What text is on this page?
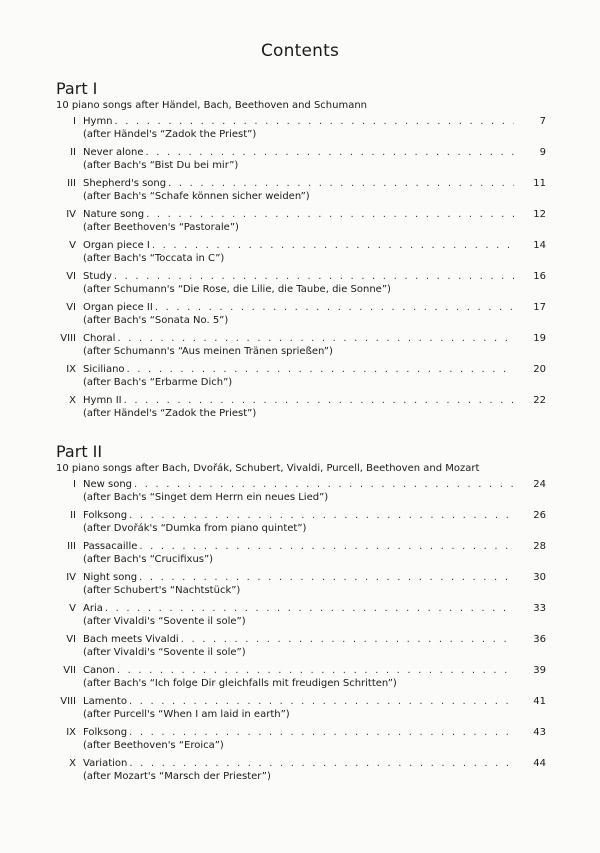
Contents
Part I
10 piano songs after Händel, Bach, Beethoven and Schumann
I Hymn . . .	7
(after Händel's “Zadok the Priest”)
II Never alone . . .	9
(after Bach's “Bist Du bei mir”)
III Shepherd's song . . .	11
(after Bach's “Schafe können sicher weiden”)
IV Nature song . . .	12
(after Beethoven's “Pastorale”)
V Organ piece I . . .	14
(after Bach's “Toccata in C”)
VI Study . . .	16
(after Schumann's “Die Rose, die Lilie, die Taube, die Sonne”)
VI Organ piece II . . .	17
(after Bach's “Sonata No. 5”)
VIII Choral . . .	19
(after Schumann's “Aus meinen Tränen sprießen”)
IX Siciliano . . .	20
(after Bach's “Erbarme Dich”)
X Hymn II . . .	22
(after Händel's “Zadok the Priest”)
Part II
10 piano songs after Bach, Dvořák, Schubert, Vivaldi, Purcell, Beethoven and Mozart
I New song . . .	24
(after Bach's “Singet dem Herrn ein neues Lied”)
II Folksong . . .	26
(after Dvořák's “Dumka from piano quintet”)
III Passacaille . . .	28
(after Bach's “Crucifixus”)
IV Night song . . .	30
(after Schubert's “Nachtstück”)
V Aria . . .	33
(after Vivaldi's “Sovente il sole”)
VI Bach meets Vivaldi . . .	36
(after Vivaldi's “Sovente il sole”)
VII Canon . . .	39
(after Bach's “Ich folge Dir gleichfalls mit freudigen Schritten”)
VIII Lamento . . .	41
(after Purcell's “When I am laid in earth”)
IX Folksong . . .	43
(after Beethoven's “Eroica”)
X Variation . . .	44
(after Mozart's “Marsch der Priester”)
